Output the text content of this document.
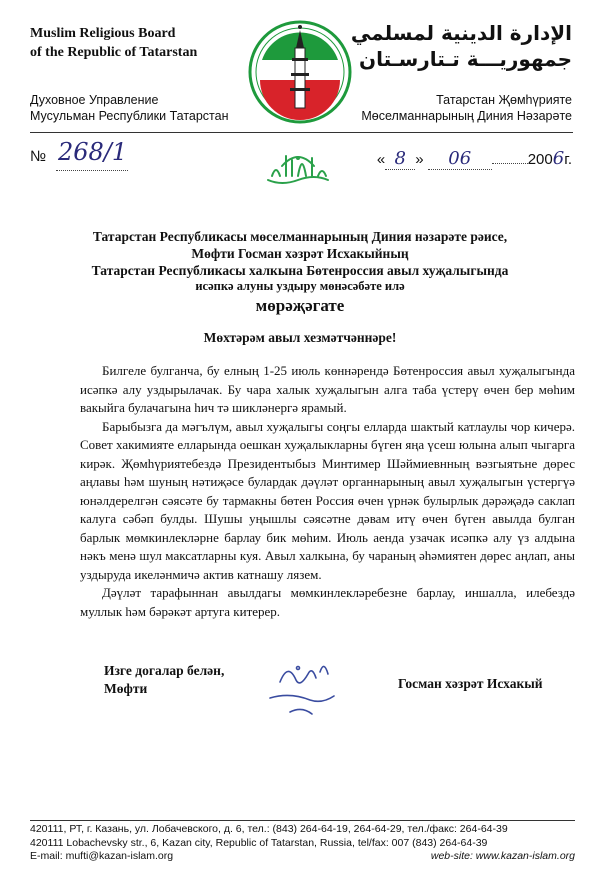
Muslim Religious Board
of the Republic of Tatarstan
الإدارة الدينية لمسلمي
جمهوريـــة تـتارسـتان
Духовное Управление
Мусульман Республики Татарстан
Татарстан Җөмһүрияте
Мөселманнарының Диния Нәзарәте
№ 268/1	« 8 » 06	2006г.
Татарстан Республикасы мөселманнарының Диния нәзарәте рәисе,
Мөфти Госман хәзрәт Исхакыйның
Татарстан Республикасы халкына Бөтенроссия авыл хуҗалыгында
исәпкә алуны уздыру мөнәсәбәте илә
мөрәҗәгате
Мөхтәрәм авыл хезмәтчәннәре!

Билгеле булганча, бу елның 1-25 июль көннәрендә Бөтенроссия авыл хуҗалыгында исәпкә алу уздырылачак. Бу чара халык хуҗалыгын алга таба үстерү өчен бер мөһим вакыйга булачагына һич тә шикләнергә ярамый.

Барыбызга да мәгълүм, авыл хуҗалыгы соңгы елларда шактый катлаулы чор кичерә. Совет хакимияте елларында оешкан хуҗалыкларны бүген яңа үсеш юлына алып чыгарга кирәк. Җөмһүриятебездә Президентыбыз Минтимер Шәймиевнның вәзгыятьне дөрес аңлавы һәм шуның нәтиҗәсе булардак дәүләт органнарының авыл хуҗалыгын үстергүә юнәлдерелгән сәясәте бу тармакны бөтен Россия өчен үрнәк булырлык дәрәҗәдә саклап калуга сәбәп булды. Шушы уңышлы сәясәтне дәвам итү өчен бүген авылда булган барлык мөмкинлекләрне барлау бик мөһим. Июль аенда узачак исәпкә алу үз алдына нәкъ менә шул максатларны куя. Авыл халкына, бу чараның әһәмиятен дөрес аңлап, аны уздыруда икеләнмичә актив катнашу лязем.

Дәүләт тарафыннан авылдагы мөмкинлекләребезне барлау, иншалла, илебездә муллык һәм бәрәкәт артуга китерер.

Изге догалар белән,
Мөфти	Госман хәзрәт Исхакый
420111, РТ, г. Казань, ул. Лобачевского, д. 6, тел.: (843) 264-64-19, 264-64-29, тел./факс: 264-64-39
420111 Lobachevsky str., 6, Kazan city, Republic of Tatarstan, Russia, tel/fax: 007 (843) 264-64-39
E-mail: mufti@kazan-islam.org	web-site: www.kazan-islam.org
